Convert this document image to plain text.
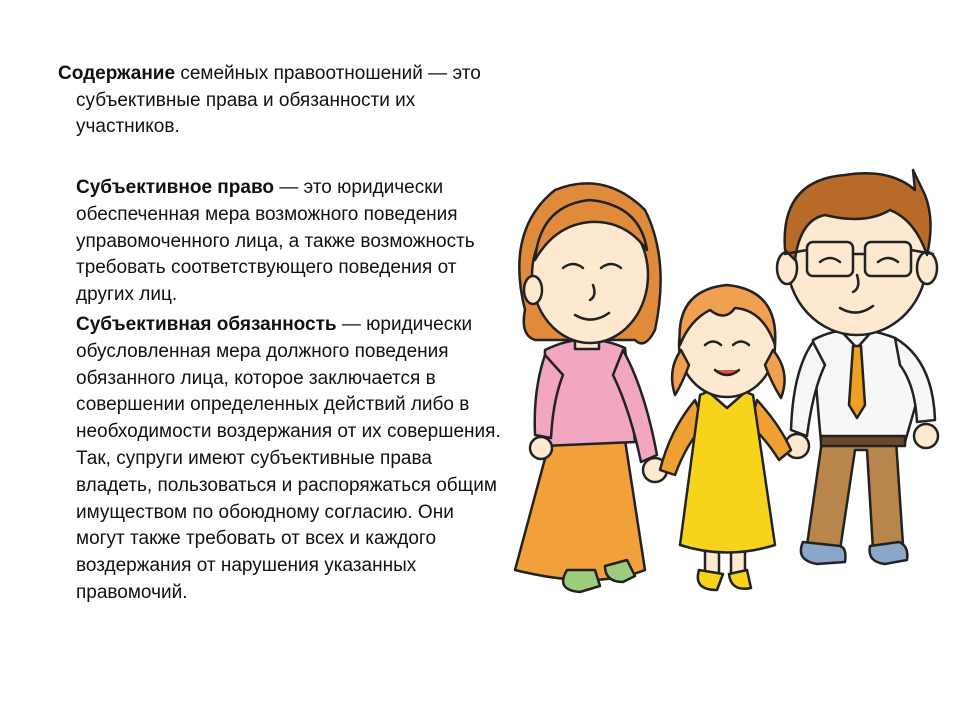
Содержание семейных правоотношений — это субъективные права и обязанности их участников.

Субъективное право — это юридически обеспеченная мера возможного поведения управомоченного лица, а также возможность требовать соответствующего поведения от других лиц.

Субъективная обязанность — юридически обусловленная мера должного поведения обязанного лица, которое заключается в совершении определенных действий либо в необходимости воздержания от их совершения.

Так, супруги имеют субъективные права владеть, пользоваться и распоряжаться общим имуществом по обоюдному согласию. Они могут также требовать от всех и каждого воздержания от нарушения указанных правомочий.
